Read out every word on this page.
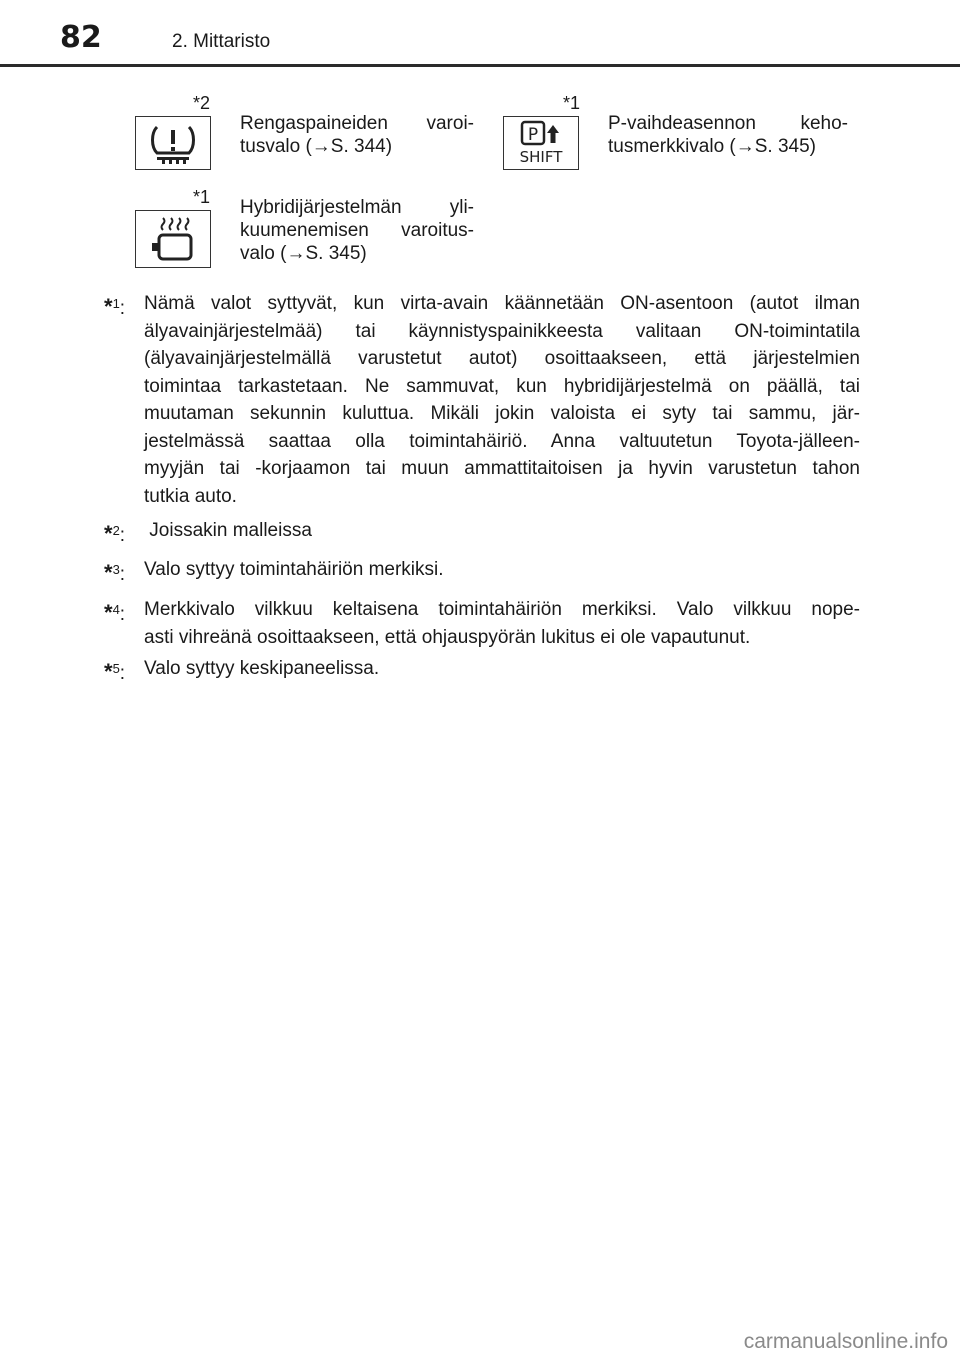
82	2. Mittaristo
*2
Rengaspaineiden varoi-
tusvalo (→S. 344)
*1
P
SHIFT
P-vaihdeasennon keho-
tusmerkkivalo (→S. 345)
*1 Hybridijärjestelmän yli-
kuumenemisen varoitus-
valo (→S. 345)
*$^1$: Nämä valot syttyvät, kun virta-avain käännetään ON-asentoon (autot ilman
älyavainjärjestelmää) tai käynnistyspainikkeesta valitaan ON-toimintatila
(älyavainjärjestelmällä varustetut autot) osoittaakseen, että järjestelmien
toimintaa tarkastetaan. Ne sammuvat, kun hybridijärjestelmä on päällä, tai
muutaman sekunnin kuluttua. Mikäli jokin valoista ei syty tai sammu, jär-
jestelmässä saattaa olla toimintahäiriö. Anna valtuutetun Toyota-jälleen-
myyjän tai -korjaamon tai muun ammattitaitoisen ja hyvin varustetun tahon
tutkia auto.
*$^2$: Joissakin malleissa
*$^3$: Valo syttyy toimintahäiriön merkiksi.
*$^4$: Merkkivalo vilkkuu keltaisena toimintahäiriön merkiksi. Valo vilkkuu nope-
asti vihreänä osoittaakseen, että ohjauspyörän lukitus ei ole vapautunut.
*$^5$: Valo syttyy keskipaneelissa.
carmanualsonline.info
